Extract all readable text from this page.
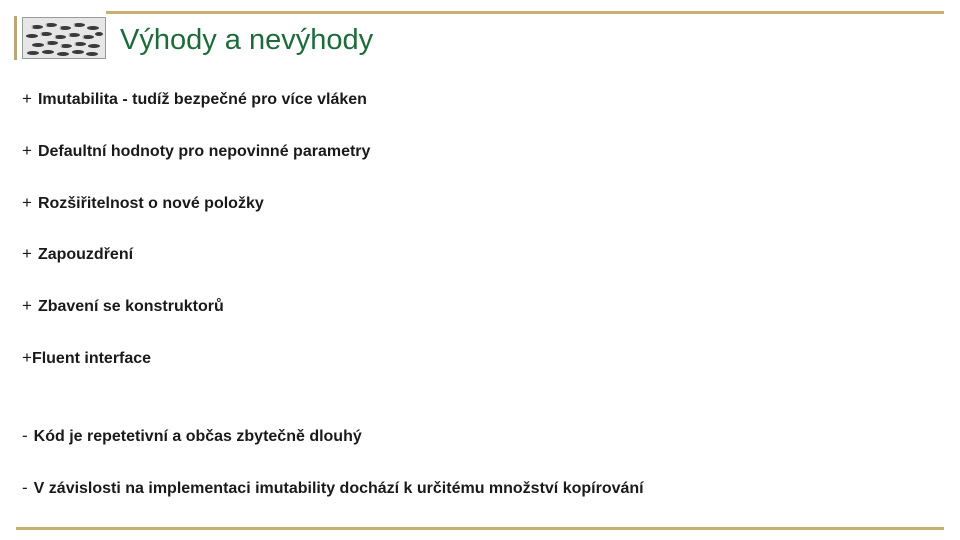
Výhody a nevýhody
+ Imutabilita - tudíž bezpečné pro více vláken
+ Defaultní hodnoty pro nepovinné parametry
+ Rozšiřitelnost o nové položky
+ Zapouzdření
+ Zbavení se konstruktorů
+Fluent interface
- Kód je repetetivní a občas zbytečně dlouhý
- V závislosti na implementaci imutability dochází k určitému množství kopírování
